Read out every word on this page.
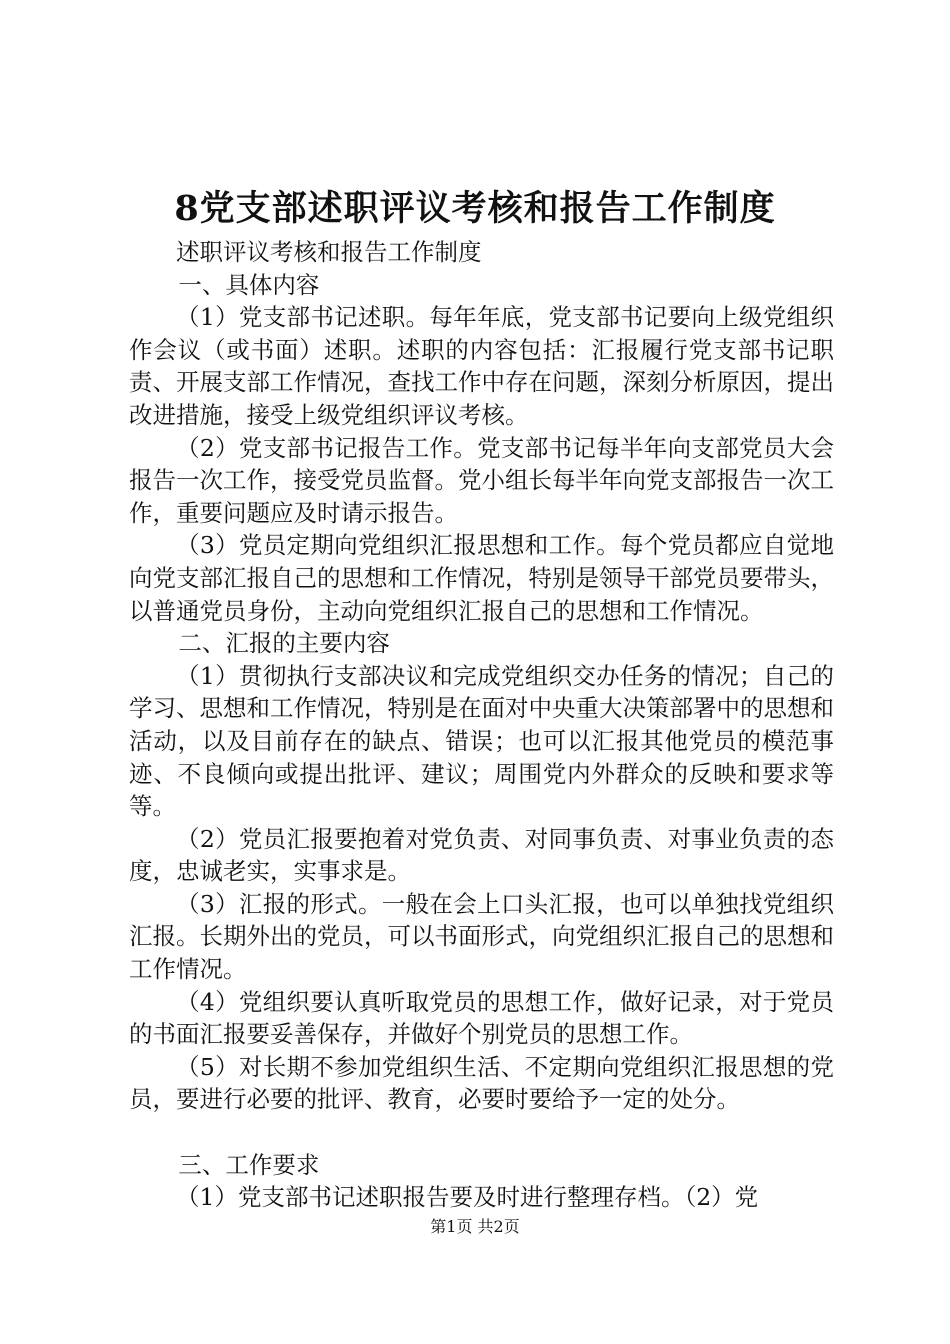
8党支部述职评议考核和报告工作制度

述职评议考核和报告工作制度

一、具体内容

（1）党支部书记述职。每年年底，党支部书记要向上级党组织作会议（或书面）述职。述职的内容包括：汇报履行党支部书记职责、开展支部工作情况，查找工作中存在问题，深刻分析原因，提出改进措施，接受上级党组织评议考核。

（2）党支部书记报告工作。党支部书记每半年向支部党员大会报告一次工作，接受党员监督。党小组长每半年向党支部报告一次工作，重要问题应及时请示报告。

（3）党员定期向党组织汇报思想和工作。每个党员都应自觉地向党支部汇报自己的思想和工作情况，特别是领导干部党员要带头，以普通党员身份，主动向党组织汇报自己的思想和工作情况。

二、汇报的主要内容

（1）贯彻执行支部决议和完成党组织交办任务的情况；自己的学习、思想和工作情况，特别是在面对中央重大决策部署中的思想和活动，以及目前存在的缺点、错误；也可以汇报其他党员的模范事迹、不良倾向或提出批评、建议；周围党内外群众的反映和要求等等。

（2）党员汇报要抱着对党负责、对同事负责、对事业负责的态度，忠诚老实，实事求是。

（3）汇报的形式。一般在会上口头汇报，也可以单独找党组织汇报。长期外出的党员，可以书面形式，向党组织汇报自己的思想和工作情况。

（4）党组织要认真听取党员的思想工作，做好记录，对于党员的书面汇报要妥善保存，并做好个别党员的思想工作。

（5）对长期不参加党组织生活、不定期向党组织汇报思想的党员，要进行必要的批评、教育，必要时要给予一定的处分。

三、工作要求

（1）党支部书记述职报告要及时进行整理存档。（2）党

第1页 共2页
